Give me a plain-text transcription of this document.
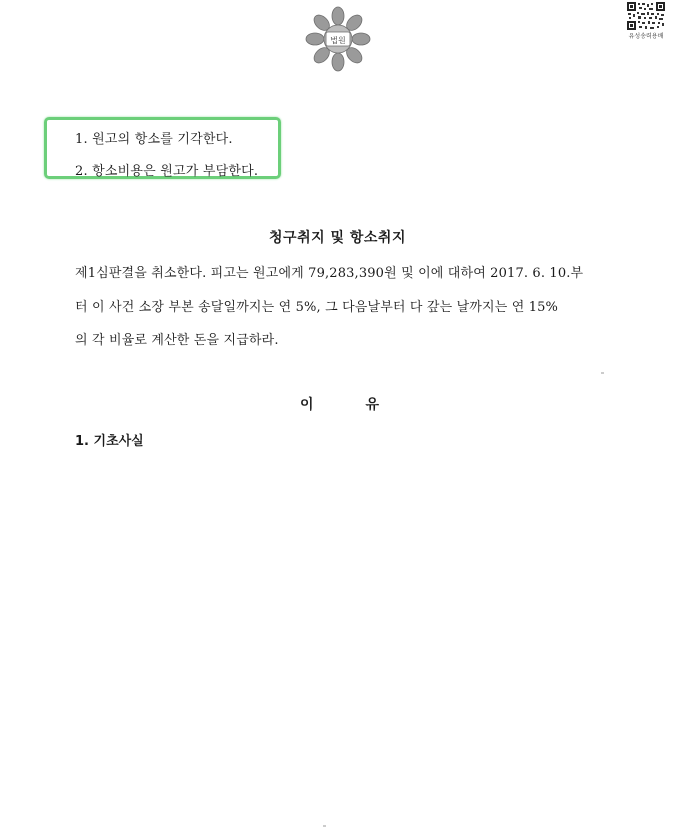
법원	유성송력용배
1. 원고의 항소를 기각한다.
2. 항소비용은 원고가 부담한다.
청구취지 및 항소취지
제1심판결을 취소한다. 피고는 원고에게 79,283,390원 및 이에 대하여 2017. 6. 10.부
터 이 사건 소장 부본 송달일까지는 연 5%, 그 다음날부터 다 갚는 날까지는 연 15%
의 각 비율로 계산한 돈을 지급하라.
이	유
1. 기초사실
